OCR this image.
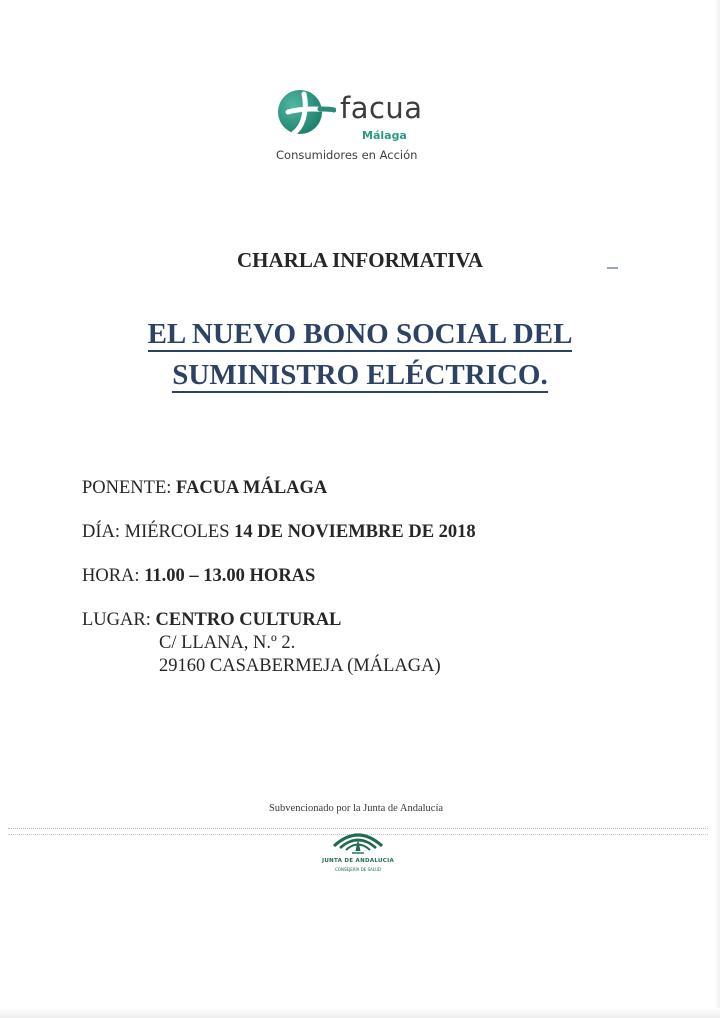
facua
Málaga
Consumidores en Acción
CHARLA INFORMATIVA
EL NUEVO BONO SOCIAL DEL
SUMINISTRO ELÉCTRICO.
PONENTE: FACUA MÁLAGA
DÍA: MIÉRCOLES 14 DE NOVIEMBRE DE 2018
HORA: 11.00 – 13.00 HORAS
LUGAR: CENTRO CULTURAL
C/ LLANA, N.º 2.
29160 CASABERMEJA (MÁLAGA)
Subvencionado por la Junta de Andalucía
JUNTA DE ANDALUCIA
CONSEJERÍA DE SALUD
